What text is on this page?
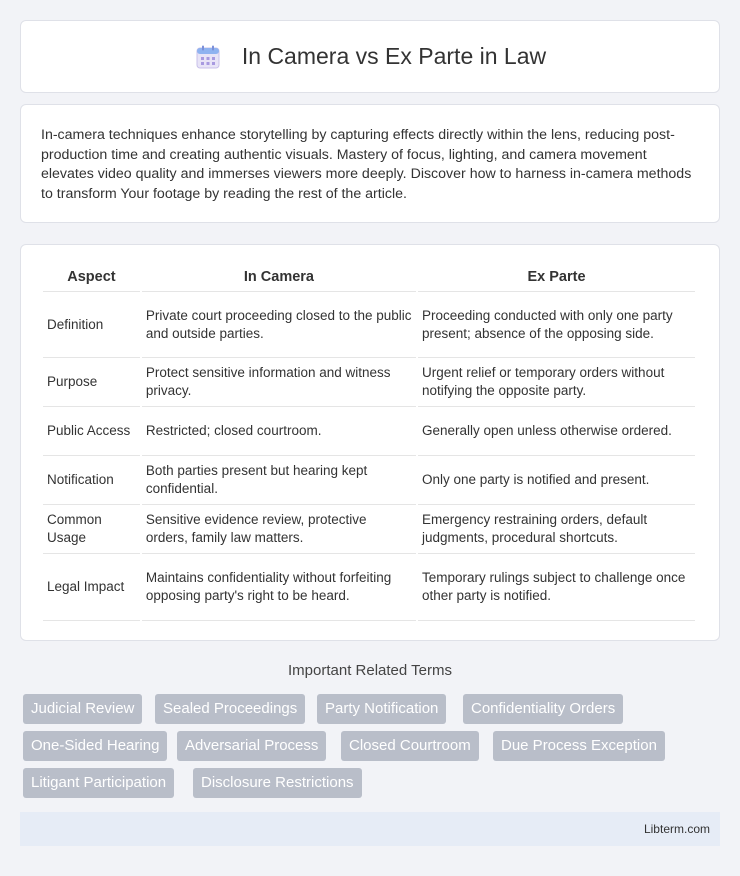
In Camera vs Ex Parte in Law

In-camera techniques enhance storytelling by capturing effects directly within the lens, reducing post-production time and creating authentic visuals. Mastery of focus, lighting, and camera movement elevates video quality and immerses viewers more deeply. Discover how to harness in-camera methods to transform Your footage by reading the rest of the article.

Aspect	In Camera	Ex Parte
Definition	Private court proceeding closed to the public and outside parties.	Proceeding conducted with only one party present; absence of the opposing side.
Purpose	Protect sensitive information and witness privacy.	Urgent relief or temporary orders without notifying the opposite party.
Public Access	Restricted; closed courtroom.	Generally open unless otherwise ordered.
Notification	Both parties present but hearing kept confidential.	Only one party is notified and present.
Common Usage	Sensitive evidence review, protective orders, family law matters.	Emergency restraining orders, default judgments, procedural shortcuts.
Legal Impact	Maintains confidentiality without forfeiting opposing party's right to be heard.	Temporary rulings subject to challenge once other party is notified.
Important Related Terms
Judicial Review	Sealed Proceedings	Party Notification	Confidentiality Orders
One-Sided Hearing	Adversarial Process	Closed Courtroom	Due Process Exception
Litigant Participation	Disclosure Restrictions
Libterm.com
